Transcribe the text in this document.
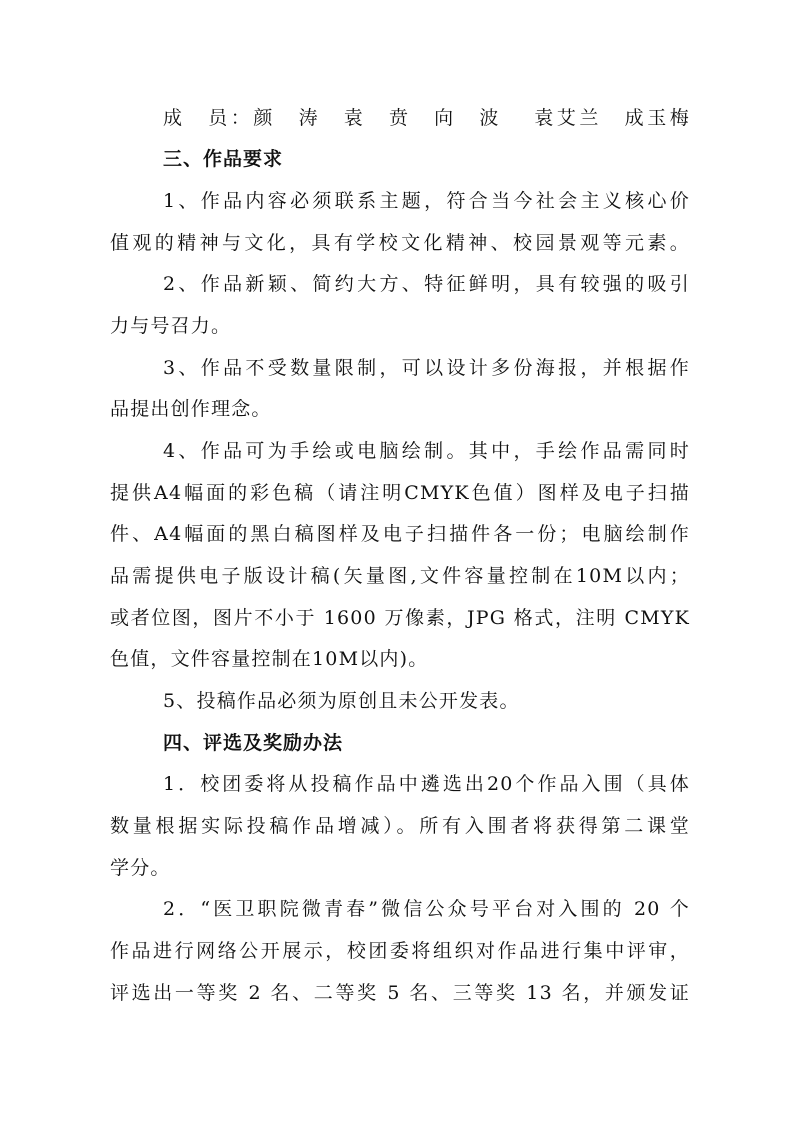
成　员：颜　涛　袁　贲　向　波　 袁艾兰　成玉梅
三、作品要求
1、作品内容必须联系主题，符合当今社会主义核心价
值观的精神与文化，具有学校文化精神、校园景观等元素。
2、作品新颖、简约大方、特征鲜明，具有较强的吸引
力与号召力。
3、作品不受数量限制，可以设计多份海报，并根据作
品提出创作理念。
4、作品可为手绘或电脑绘制。其中，手绘作品需同时
提供A4幅面的彩色稿（请注明CMYK色值）图样及电子扫描
件、A4幅面的黑白稿图样及电子扫描件各一份；电脑绘制作
品需提供电子版设计稿(矢量图,文件容量控制在10M以内；
或者位图，图片不小于 1600 万像素，JPG 格式，注明 CMYK
色值，文件容量控制在10M以内)。
5、投稿作品必须为原创且未公开发表。
四、评选及奖励办法
1．校团委将从投稿作品中遴选出20个作品入围（具体
数量根据实际投稿作品增减）。所有入围者将获得第二课堂
学分。
2．“医卫职院微青春”微信公众号平台对入围的 20 个
作品进行网络公开展示，校团委将组织对作品进行集中评审，
评选出一等奖 2 名、二等奖 5 名、三等奖 13 名，并颁发证
